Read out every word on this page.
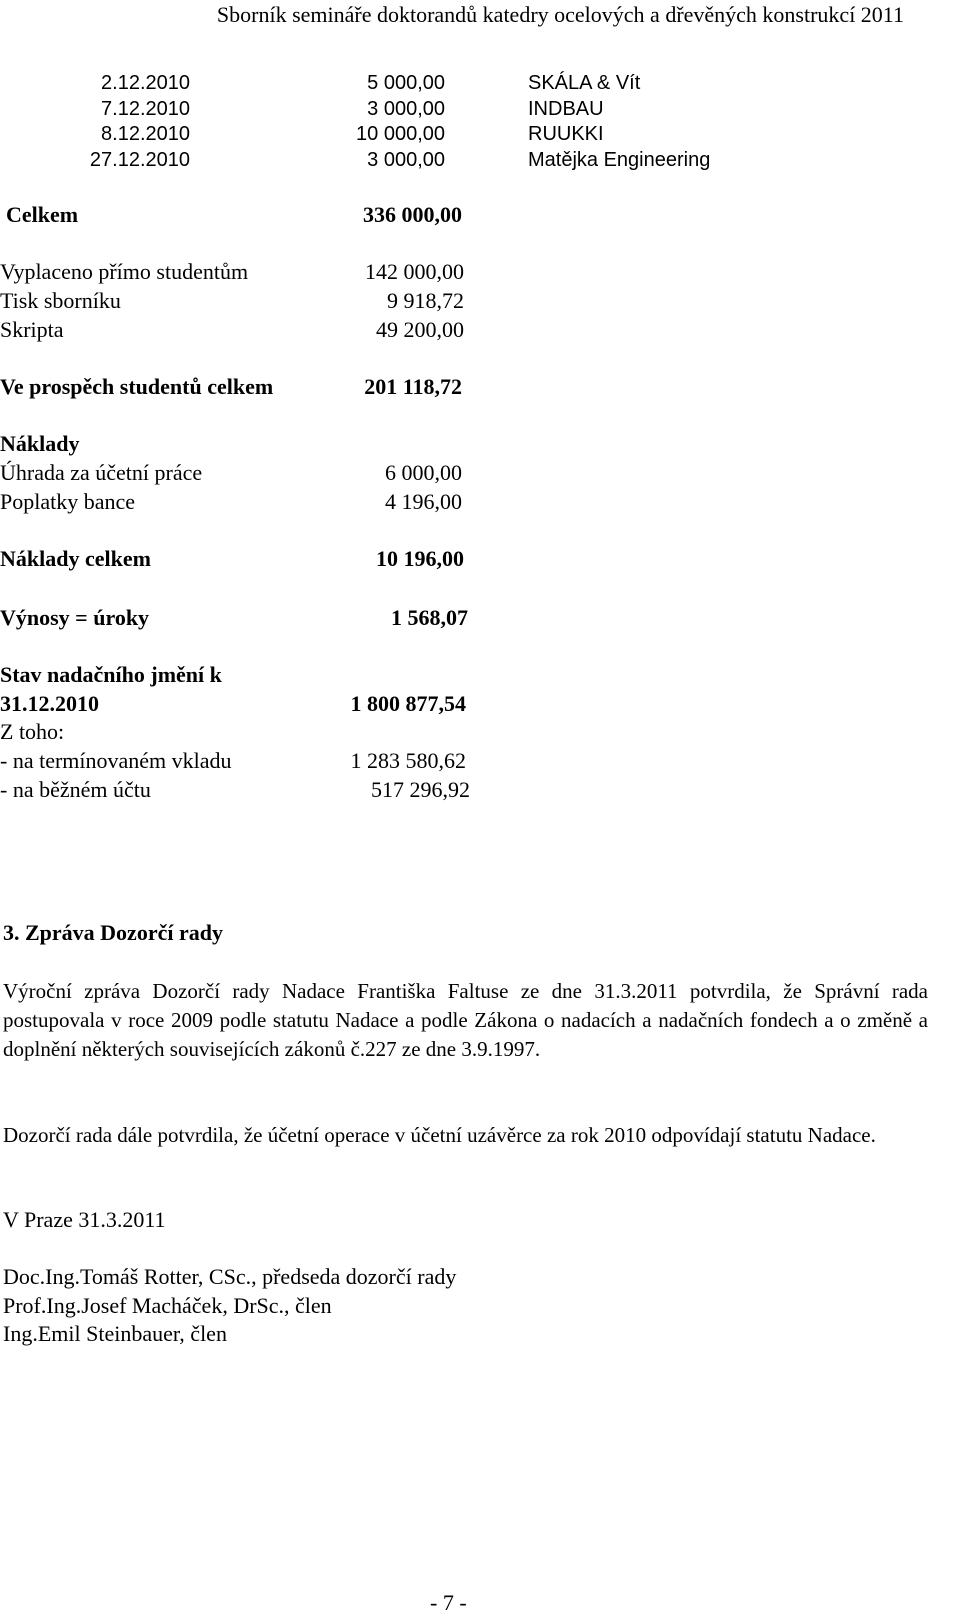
Sborník semináře doktorandů katedry ocelových a dřevěných konstrukcí 2011
2.12.2010	5 000,00	SKÁLA & Vít
7.12.2010	3 000,00	INDBAU
8.12.2010	10 000,00	RUUKKI
27.12.2010	3 000,00	Matějka Engineering
Celkem	336 000,00
Vyplaceno přímo studentům	142 000,00
Tisk sborníku	9 918,72
Skripta	49 200,00
Ve prospěch studentů celkem	201 118,72
Náklady
Úhrada za účetní práce	6 000,00
Poplatky bance	4 196,00
Náklady celkem	10 196,00
Výnosy = úroky	1 568,07
Stav nadačního jmění k
31.12.2010	1 800 877,54
Z toho:
- na termínovaném vkladu	1 283 580,62
- na běžném účtu	517 296,92
3. Zpráva Dozorčí rady
Výroční zpráva Dozorčí rady Nadace Františka Faltuse ze dne 31.3.2011 potvrdila, že Správní rada postupovala v roce 2009 podle statutu Nadace a podle Zákona o nadacích a nadačních fondech a o změně a doplnění některých souvisejících zákonů č.227 ze dne 3.9.1997.
Dozorčí rada dále potvrdila, že účetní operace v účetní uzávěrce za rok 2010 odpovídají statutu Nadace.
V Praze 31.3.2011
Doc.Ing.Tomáš Rotter, CSc., předseda dozorčí rady
Prof.Ing.Josef Macháček, DrSc., člen
Ing.Emil Steinbauer, člen
- 7 -
